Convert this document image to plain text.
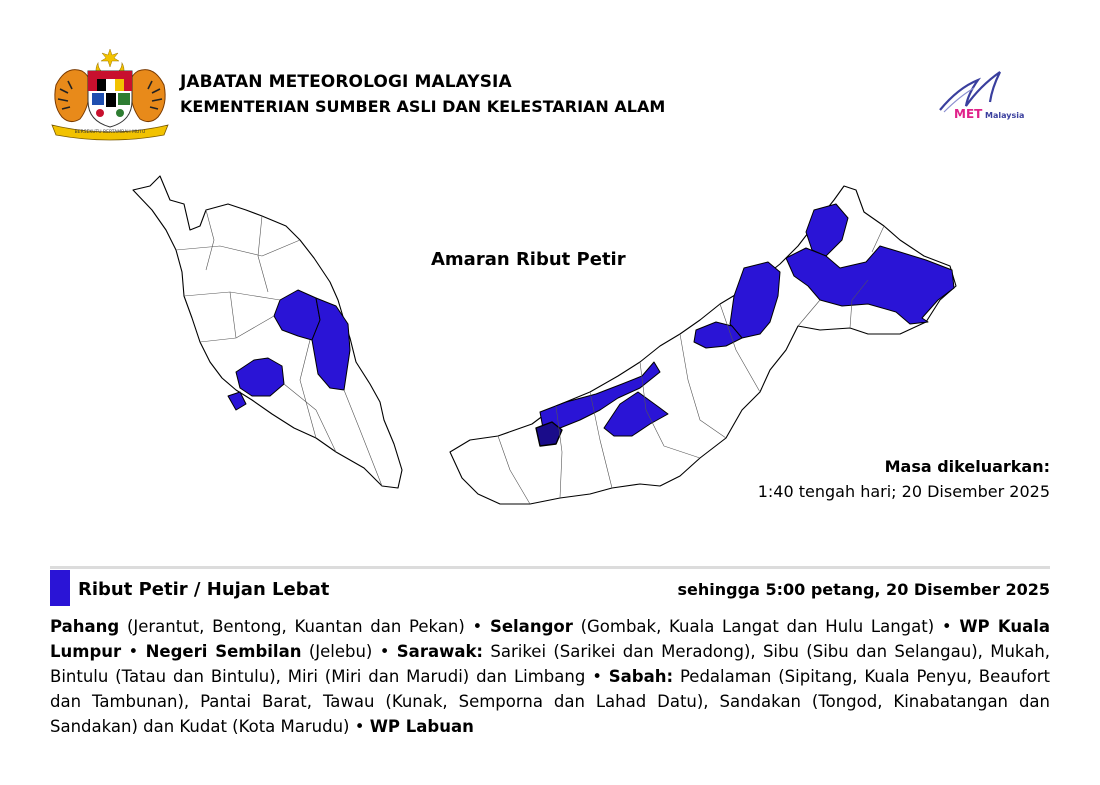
BERSEKUTU BERTAMBAH MUTU
JABATAN METEOROLOGI MALAYSIA
KEMENTERIAN SUMBER ASLI DAN KELESTARIAN ALAM	MET Malaysia
Amaran Ribut Petir
Masa dikeluarkan:
1:40 tengah hari; 20 Disember 2025
Ribut Petir / Hujan Lebat	sehingga 5:00 petang, 20 Disember 2025
Pahang (Jerantut, Bentong, Kuantan dan Pekan) • Selangor (Gombak, Kuala Langat dan Hulu Langat) • WP Kuala Lumpur • Negeri Sembilan (Jelebu) • Sarawak: Sarikei (Sarikei dan Meradong), Sibu (Sibu dan Selangau), Mukah, Bintulu (Tatau dan Bintulu), Miri (Miri dan Marudi) dan Limbang • Sabah: Pedalaman (Sipitang, Kuala Penyu, Beaufort dan Tambunan), Pantai Barat, Tawau (Kunak, Semporna dan Lahad Datu), Sandakan (Tongod, Kinabatangan dan Sandakan) dan Kudat (Kota Marudu) • WP Labuan
